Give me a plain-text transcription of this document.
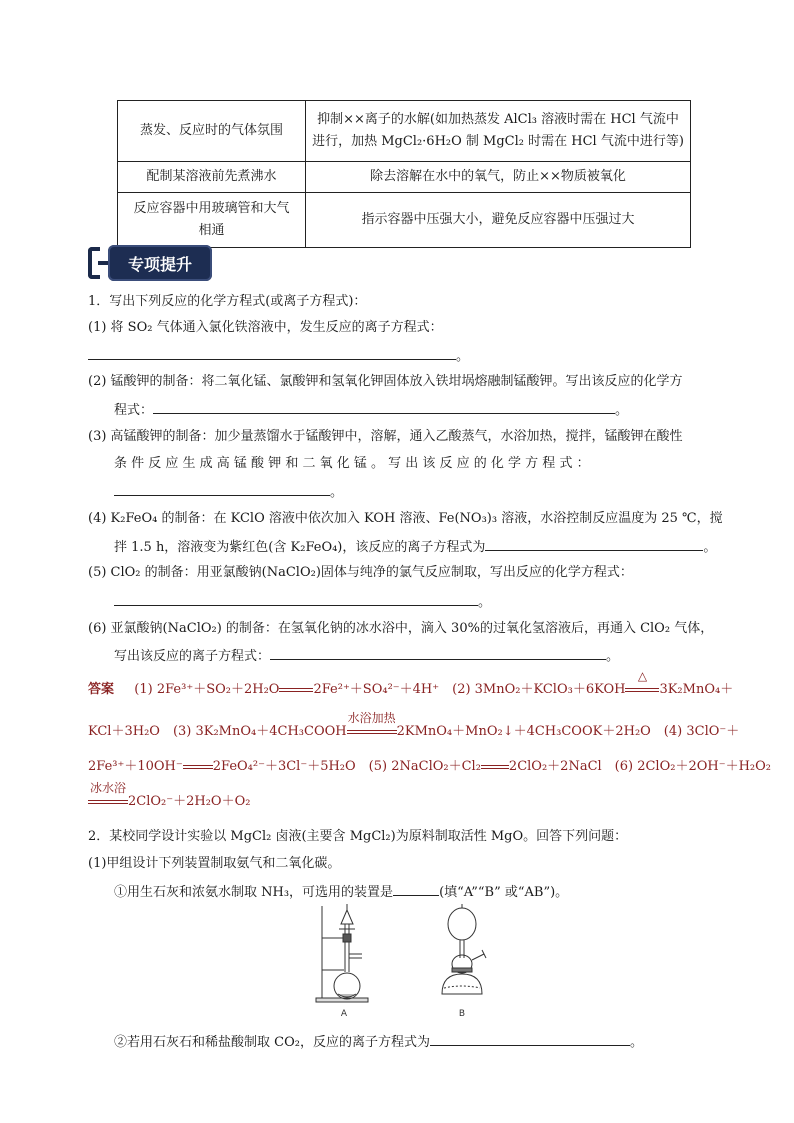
蒸发、反应时的气体氛围	抑制××离子的水解(如加热蒸发 AlCl₃ 溶液时需在 HCl 气流中
进行，加热 MgCl₂·6H₂O 制 MgCl₂ 时需在 HCl 气流中进行等)

配制某溶液前先煮沸水	除去溶解在水中的氧气，防止××物质被氧化

反应容器中用玻璃管和大气
相通	指示容器中压强大小，避免反应容器中压强过大
专项提升
1．写出下列反应的化学方程式(或离子方程式)：
(1) 将 SO₂ 气体通入氯化铁溶液中，发生反应的离子方程式：
。
(2) 锰酸钾的制备：将二氧化锰、氯酸钾和氢氧化钾固体放入铁坩埚熔融制锰酸钾。写出该反应的化学方
程式：	。
(3) 高锰酸钾的制备：加少量蒸馏水于锰酸钾中，溶解，通入乙酸蒸气，水浴加热，搅拌，锰酸钾在酸性
条 件 反 应 生 成 高 锰 酸 钾 和 二 氧 化 锰 。 写 出 该 反 应 的 化 学 方 程 式 ：
。
(4) K₂FeO₄ 的制备：在 KClO 溶液中依次加入 KOH 溶液、Fe(NO₃)₃ 溶液，水浴控制反应温度为 25 ℃，搅
拌 1.5 h，溶液变为紫红色(含 K₂FeO₄)，该反应的离子方程式为	。
(5) ClO₂ 的制备：用亚氯酸钠(NaClO₂)固体与纯净的氯气反应制取，写出反应的化学方程式：
。
(6) 亚氯酸钠(NaClO₂) 的制备：在氢氧化钠的冰水浴中，滴入 30%的过氧化氢溶液后，再通入 ClO₂ 气体，
写出该反应的离子方程式：	。
答案 (1) 2Fe³⁺＋SO₂＋2H₂O	2Fe²⁺＋SO₄²⁻＋4H⁺　(2) 3MnO₂＋KClO₃＋6KOH
△
3K₂MnO₄＋
KCl＋3H₂O　(3) 3K₂MnO₄＋4CH₃COOH
水浴加热
2KMnO₄＋MnO₂↓＋4CH₃COOK＋2H₂O　(4) 3ClO⁻＋
2Fe³⁺＋10OH⁻ 2FeO₄²⁻＋3Cl⁻＋5H₂O　(5) 2NaClO₂＋Cl₂ 2ClO₂＋2NaCl　(6) 2ClO₂＋2OH⁻＋H₂O₂
冰水浴
2ClO₂⁻＋2H₂O＋O₂
2．某校同学设计实验以 MgCl₂ 卤液(主要含 MgCl₂)为原料制取活性 MgO。回答下列问题：
(1)甲组设计下列装置制取氨气和二氧化碳。
①用生石灰和浓氨水制取 NH₃，可选用的装置是	(填“A”“B” 或“AB”)。
A	B
②若用石灰石和稀盐酸制取 CO₂，反应的离子方程式为	。
